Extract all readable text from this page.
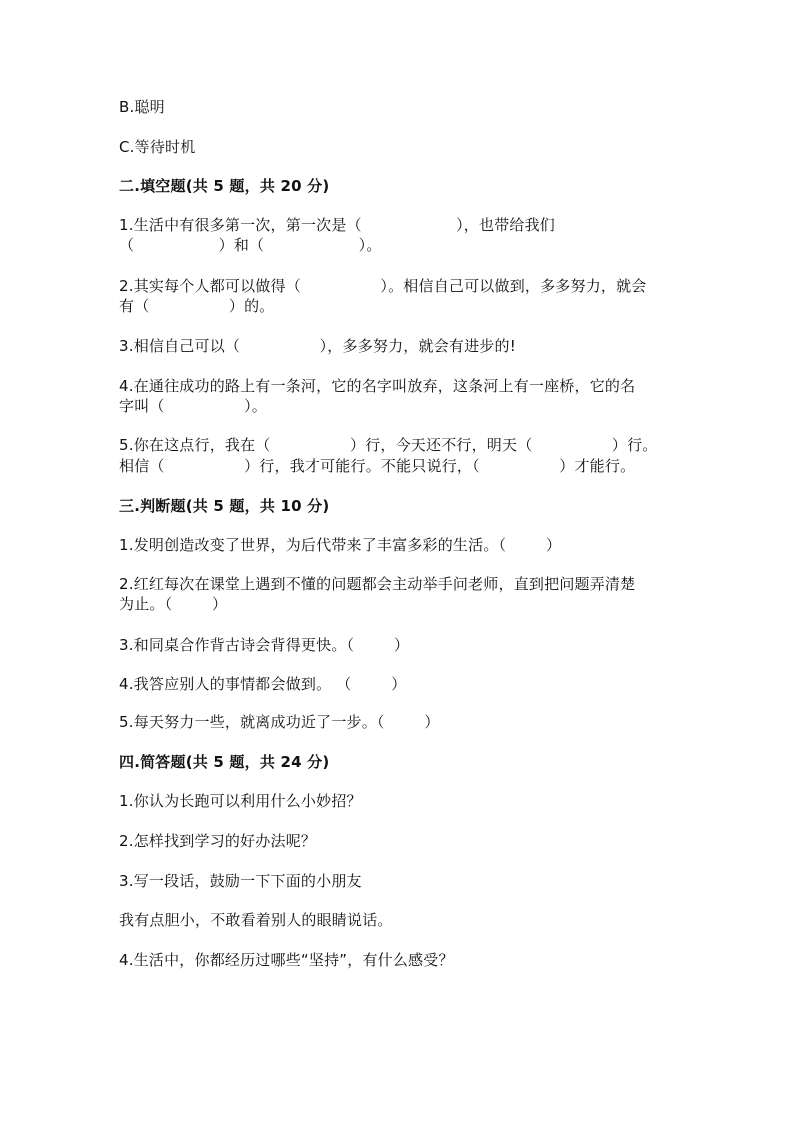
B.聪明
C.等待时机
二.填空题(共 5 题，共 20 分)
1.生活中有很多第一次，第一次是（                   ），也带给我们
（                 ）和（                   ）。
2.其实每个人都可以做得（                ）。相信自己可以做到，多多努力，就会
有（                ）的。
3.相信自己可以（                ），多多努力，就会有进步的!
4.在通往成功的路上有一条河，它的名字叫放弃，这条河上有一座桥，它的名
字叫（                ）。
5.你在这点行，我在（                ）行，今天还不行，明天（                ）行。
相信（                ）行，我才可能行。不能只说行，（                ）才能行。
三.判断题(共 5 题，共 10 分)
1.发明创造改变了世界，为后代带来了丰富多彩的生活。（        ）
2.红红每次在课堂上遇到不懂的问题都会主动举手问老师，直到把问题弄清楚
为止。（        ）
3.和同桌合作背古诗会背得更快。（        ）
4.我答应别人的事情都会做到。 （        ）
5.每天努力一些，就离成功近了一步。（        ）
四.简答题(共 5 题，共 24 分)
1.你认为长跑可以利用什么小妙招？
2.怎样找到学习的好办法呢？
3.写一段话，鼓励一下下面的小朋友
我有点胆小，不敢看着别人的眼睛说话。
4.生活中，你都经历过哪些“坚持”，有什么感受？
